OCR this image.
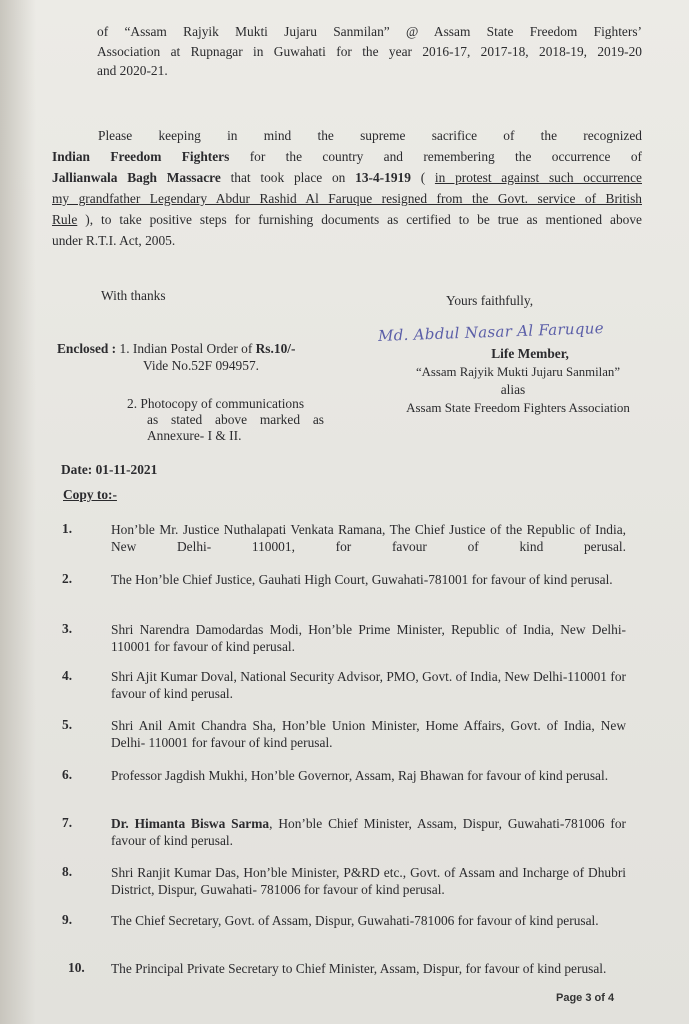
of “Assam Rajyik Mukti Jujaru Sanmilan” @ Assam State Freedom Fighters’
Association at Rupnagar in Guwahati for the year 2016-17, 2017-18, 2018-19, 2019-20
and 2020-21.
Please keeping in mind the supreme sacrifice of the recognized
Indian Freedom Fighters for the country and remembering the occurrence of
Jallianwala Bagh Massacre that took place on 13-4-1919 ( in protest against such occurrence
my grandfather Legendary Abdur Rashid Al Faruque resigned from the Govt. service of British
Rule ), to take positive steps for furnishing documents as certified to be true as mentioned above
under R.T.I. Act, 2005.
With thanks	Yours faithfully,
Md. Abdul Nasar Al Faruque
Life Member,
“Assam Rajyik Mukti Jujaru Sanmilan”
alias
Assam State Freedom Fighters Association
Enclosed : 1. Indian Postal Order of Rs.10/-
Vide No.52F 094957.
2. Photocopy of communications
as stated above marked as
Annexure- I & II.
Date: 01-11-2021
Copy to:-
1.	Hon’ble Mr. Justice Nuthalapati Venkata Ramana, The Chief Justice of the Republic of India, New Delhi- 110001, for favour of kind perusal.
2.	The Hon’ble Chief Justice, Gauhati High Court, Guwahati-781001 for favour of kind perusal.
3.	Shri Narendra Damodardas Modi, Hon’ble Prime Minister, Republic of India, New Delhi-110001 for favour of kind perusal.
4.	Shri Ajit Kumar Doval, National Security Advisor, PMO, Govt. of India, New Delhi-110001 for favour of kind perusal.
5.	Shri Anil Amit Chandra Sha, Hon’ble Union Minister, Home Affairs, Govt. of India, New Delhi- 110001 for favour of kind perusal.
6.	Professor Jagdish Mukhi, Hon’ble Governor, Assam, Raj Bhawan for favour of kind perusal.
7.	Dr. Himanta Biswa Sarma, Hon’ble Chief Minister, Assam, Dispur, Guwahati-781006 for favour of kind perusal.
8.	Shri Ranjit Kumar Das, Hon’ble Minister, P&RD etc., Govt. of Assam and Incharge of Dhubri District, Dispur, Guwahati- 781006 for favour of kind perusal.
9.	The Chief Secretary, Govt. of Assam, Dispur, Guwahati-781006 for favour of kind perusal.
10. The Principal Private Secretary to Chief Minister, Assam, Dispur, for favour of kind perusal.
Page 3 of 4
